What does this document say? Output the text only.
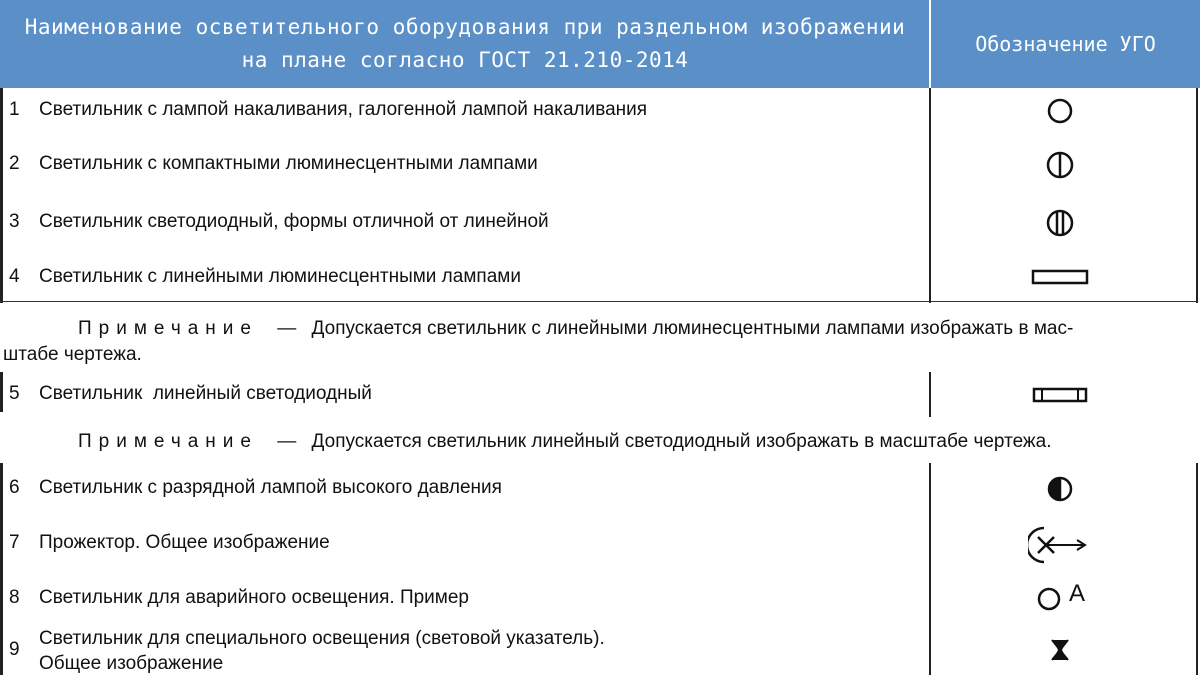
Наименование осветительного оборудования при раздельном изображении
на плане согласно ГОСТ 21.210-2014
Обозначение УГО
1 Светильник с лампой накаливания, галогенной лампой накаливания
2 Светильник с компактными люминесцентными лампами
3 Светильник светодиодный, формы отличной от линейной
4 Светильник с линейными люминесцентными лампами
Примечание — Допускается светильник с линейными люминесцентными лампами изображать в мас-
штабе чертежа.
5 Светильник  линейный светодиодный
Примечание — Допускается светильник линейный светодиодный изображать в масштабе чертежа.
6 Светильник с разрядной лампой высокого давления
7 Прожектор. Общее изображение
8 Светильник для аварийного освещения. Пример	А
9
Светильник для специального освещения (световой указатель).
Общее изображение
